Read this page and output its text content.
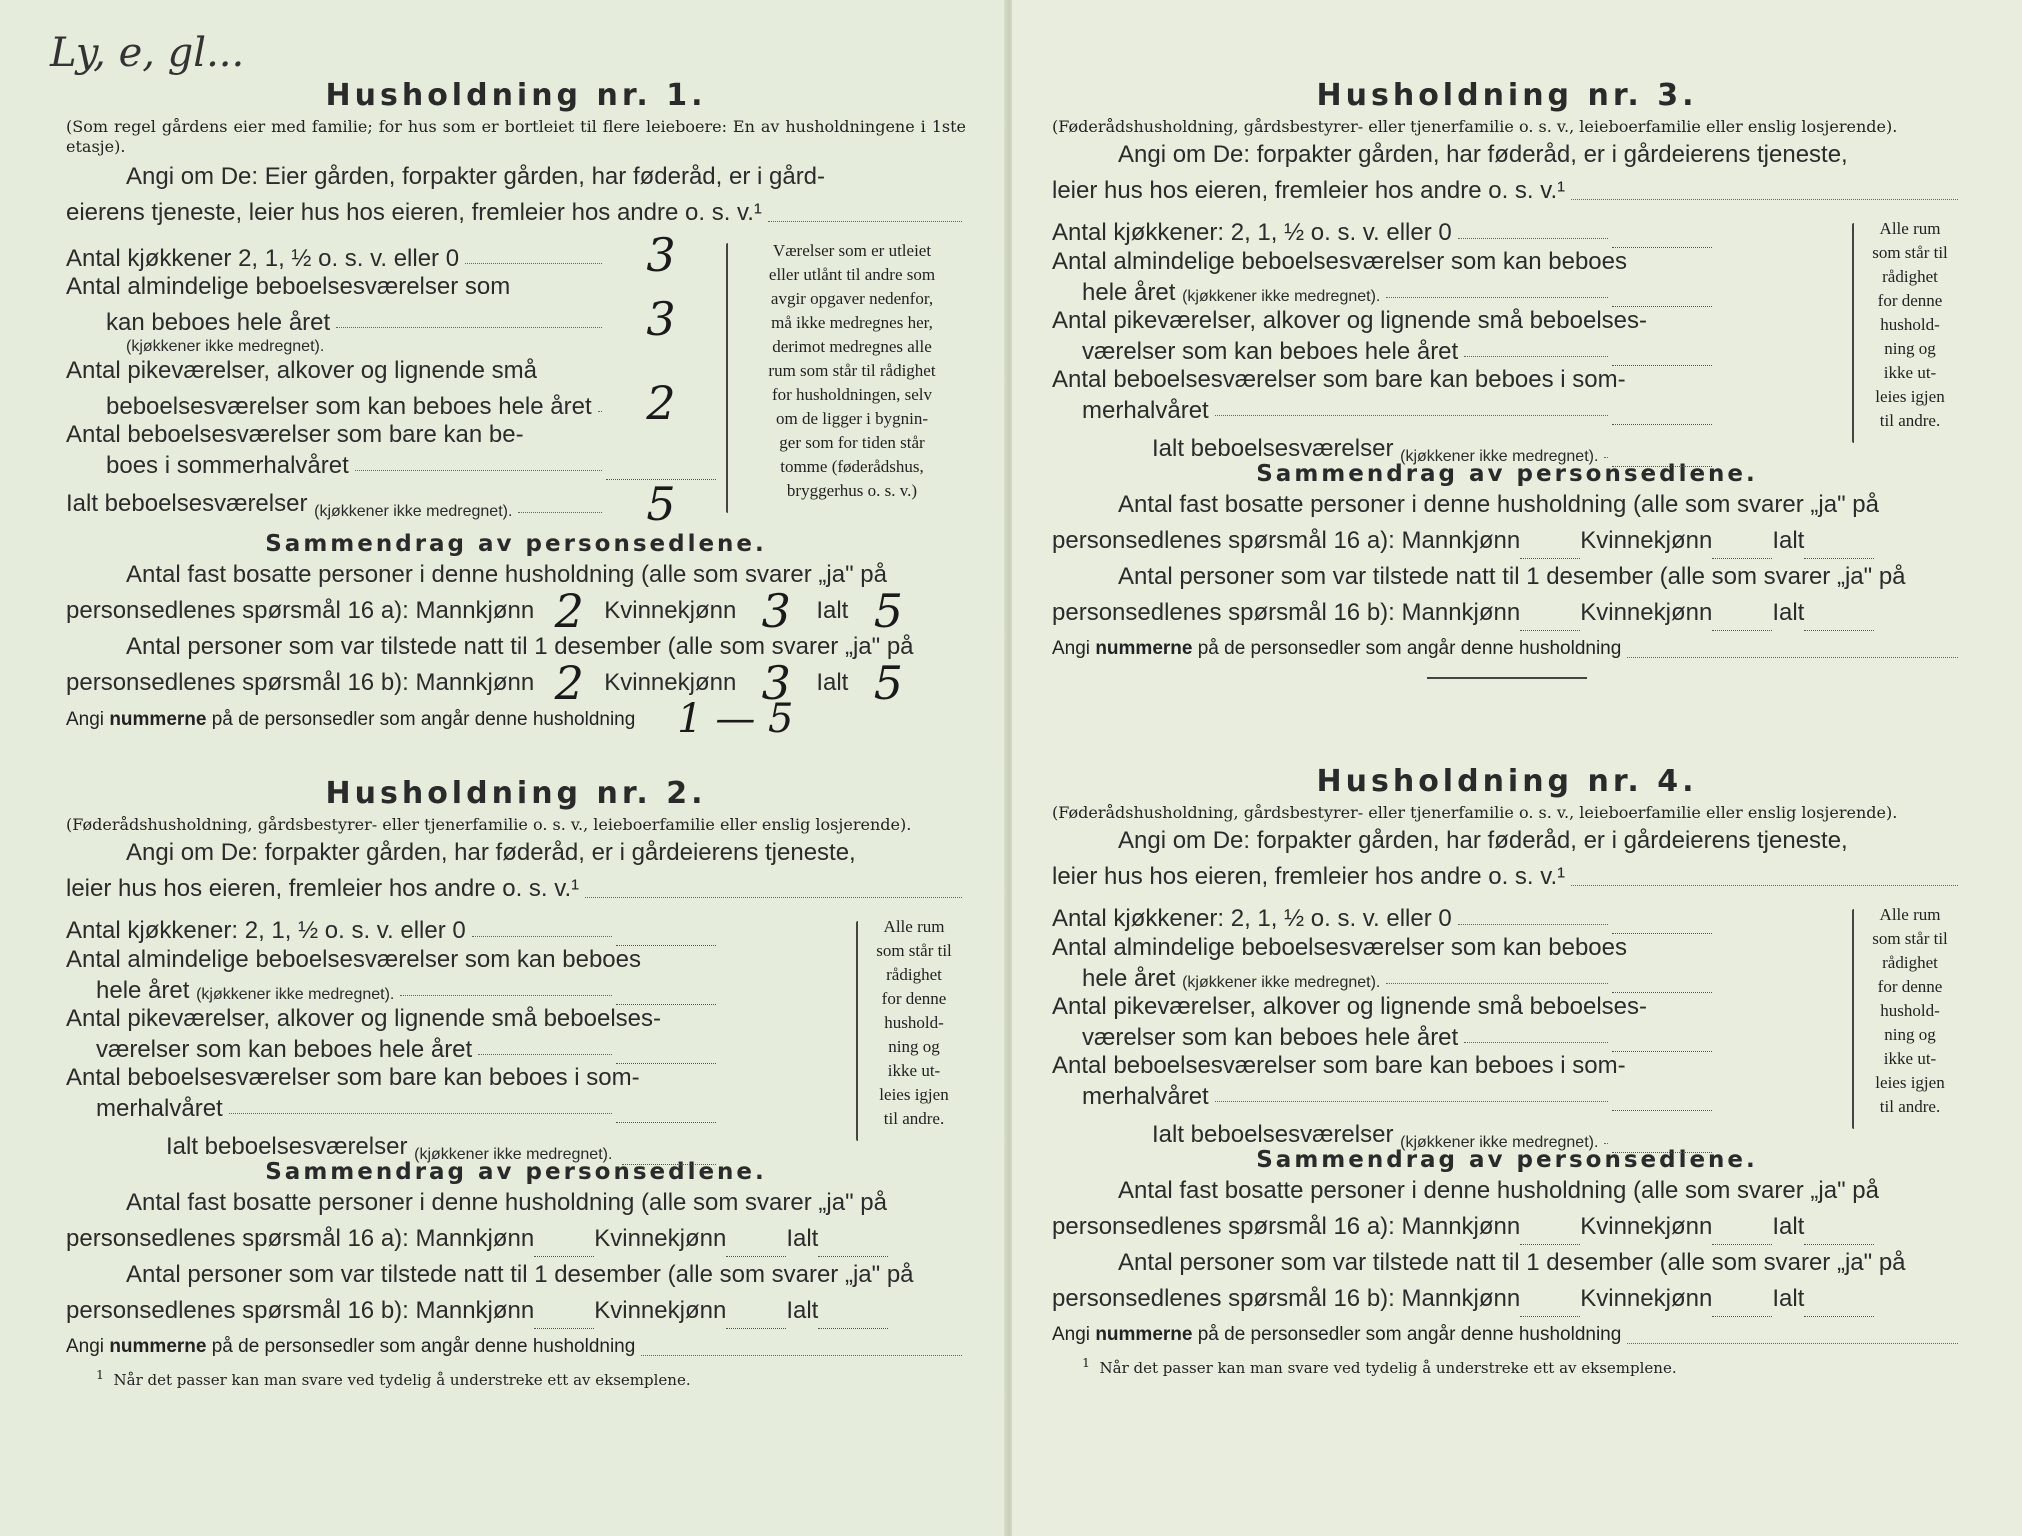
Ly, e, gl...
Husholdning nr. 1.

(Som regel gårdens eier med familie; for hus som er bortleiet til flere leieboere: En av husholdningene i 1ste etasje).

Angi om De: Eier gården, forpakter gården, har føderåd, er i gård-

eierens tjeneste, leier hus hos eieren, fremleier hos andre o. s. v.¹
Antal kjøkkener 2, 1, ½ o. s. v. eller 0	3
Antal almindelige beboelsesværelser som
kan beboes hele året	3
(kjøkkener ikke medregnet).
Antal pikeværelser, alkover og lignende små
beboelsesværelser som kan beboes hele året	2
Antal beboelsesværelser som bare kan be-
boes i sommerhalvåret
Ialt beboelsesværelser
(kjøkkener ikke medregnet).	5

Værelser som er utleiet

eller utlånt til andre som

avgir opgaver nedenfor,

må ikke medregnes her,

derimot medregnes alle

rum som står til rådighet

for husholdningen, selv

om de ligger i bygnin-

ger som for tiden står

tomme (føderådshus,

bryggerhus o. s. v.)

Sammendrag av personsedlene.

Antal fast bosatte personer i denne husholdning (alle som svarer „ja" på

personsedlenes spørsmål 16 a): Mannkjønn 2 Kvinnekjønn 3	Ialt 5

Antal personer som var tilstede natt til 1 desember (alle som svarer „ja" på

personsedlenes spørsmål 16 b): Mannkjønn 2 Kvinnekjønn 3	Ialt 5
Angi
nummerne
på de personsedler som angår denne husholdning	1 — 5
Husholdning nr. 2.

(Føderådshusholdning, gårdsbestyrer- eller tjenerfamilie o. s. v., leieboerfamilie eller enslig losjerende).

Angi om De: forpakter gården, har føderåd, er i gårdeierens tjeneste,

leier hus hos eieren, fremleier hos andre o. s. v.¹
Antal kjøkkener: 2, 1, ½ o. s. v. eller 0
Antal almindelige beboelsesværelser som kan beboes
hele året
(kjøkkener ikke medregnet).
Antal pikeværelser, alkover og lignende små beboelses-
værelser som kan beboes hele året
Antal beboelsesværelser som bare kan beboes i som-
merhalvåret
Ialt beboelsesværelser
(kjøkkener ikke medregnet).

Alle rum

som står til

rådighet

for denne

hushold-

ning og

ikke ut-

leies igjen

til andre.

Sammendrag av personsedlene.

Antal fast bosatte personer i denne husholdning (alle som svarer „ja" på

personsedlenes spørsmål 16 a): Mannkjønn	Kvinnekjønn	Ialt

Antal personer som var tilstede natt til 1 desember (alle som svarer „ja" på

personsedlenes spørsmål 16 b): Mannkjønn	Kvinnekjønn	Ialt
Angi
nummerne
på de personsedler som angår denne husholdning

$^1$ Når det passer kan man svare ved tydelig å understreke ett av eksemplene.

Husholdning nr. 3.

(Føderådshusholdning, gårdsbestyrer- eller tjenerfamilie o. s. v., leieboerfamilie eller enslig losjerende).

Angi om De: forpakter gården, har føderåd, er i gårdeierens tjeneste,

leier hus hos eieren, fremleier hos andre o. s. v.¹
Antal kjøkkener: 2, 1, ½ o. s. v. eller 0
Antal almindelige beboelsesværelser som kan beboes
hele året
(kjøkkener ikke medregnet).
Antal pikeværelser, alkover og lignende små beboelses-
værelser som kan beboes hele året
Antal beboelsesværelser som bare kan beboes i som-
merhalvåret
Ialt beboelsesværelser
(kjøkkener ikke medregnet).

Alle rum

som står til

rådighet

for denne

hushold-

ning og

ikke ut-

leies igjen

til andre.

Sammendrag av personsedlene.

Antal fast bosatte personer i denne husholdning (alle som svarer „ja" på

personsedlenes spørsmål 16 a): Mannkjønn	Kvinnekjønn	Ialt

Antal personer som var tilstede natt til 1 desember (alle som svarer „ja" på

personsedlenes spørsmål 16 b): Mannkjønn	Kvinnekjønn	Ialt
Angi
nummerne
på de personsedler som angår denne husholdning
Husholdning nr. 4.

(Føderådshusholdning, gårdsbestyrer- eller tjenerfamilie o. s. v., leieboerfamilie eller enslig losjerende).

Angi om De: forpakter gården, har føderåd, er i gårdeierens tjeneste,

leier hus hos eieren, fremleier hos andre o. s. v.¹
Antal kjøkkener: 2, 1, ½ o. s. v. eller 0
Antal almindelige beboelsesværelser som kan beboes
hele året
(kjøkkener ikke medregnet).
Antal pikeværelser, alkover og lignende små beboelses-
værelser som kan beboes hele året
Antal beboelsesværelser som bare kan beboes i som-
merhalvåret
Ialt beboelsesværelser
(kjøkkener ikke medregnet).

Alle rum

som står til

rådighet

for denne

hushold-

ning og

ikke ut-

leies igjen

til andre.

Sammendrag av personsedlene.

Antal fast bosatte personer i denne husholdning (alle som svarer „ja" på

personsedlenes spørsmål 16 a): Mannkjønn	Kvinnekjønn	Ialt

Antal personer som var tilstede natt til 1 desember (alle som svarer „ja" på

personsedlenes spørsmål 16 b): Mannkjønn	Kvinnekjønn	Ialt
Angi
nummerne
på de personsedler som angår denne husholdning

$^1$ Når det passer kan man svare ved tydelig å understreke ett av eksemplene.
